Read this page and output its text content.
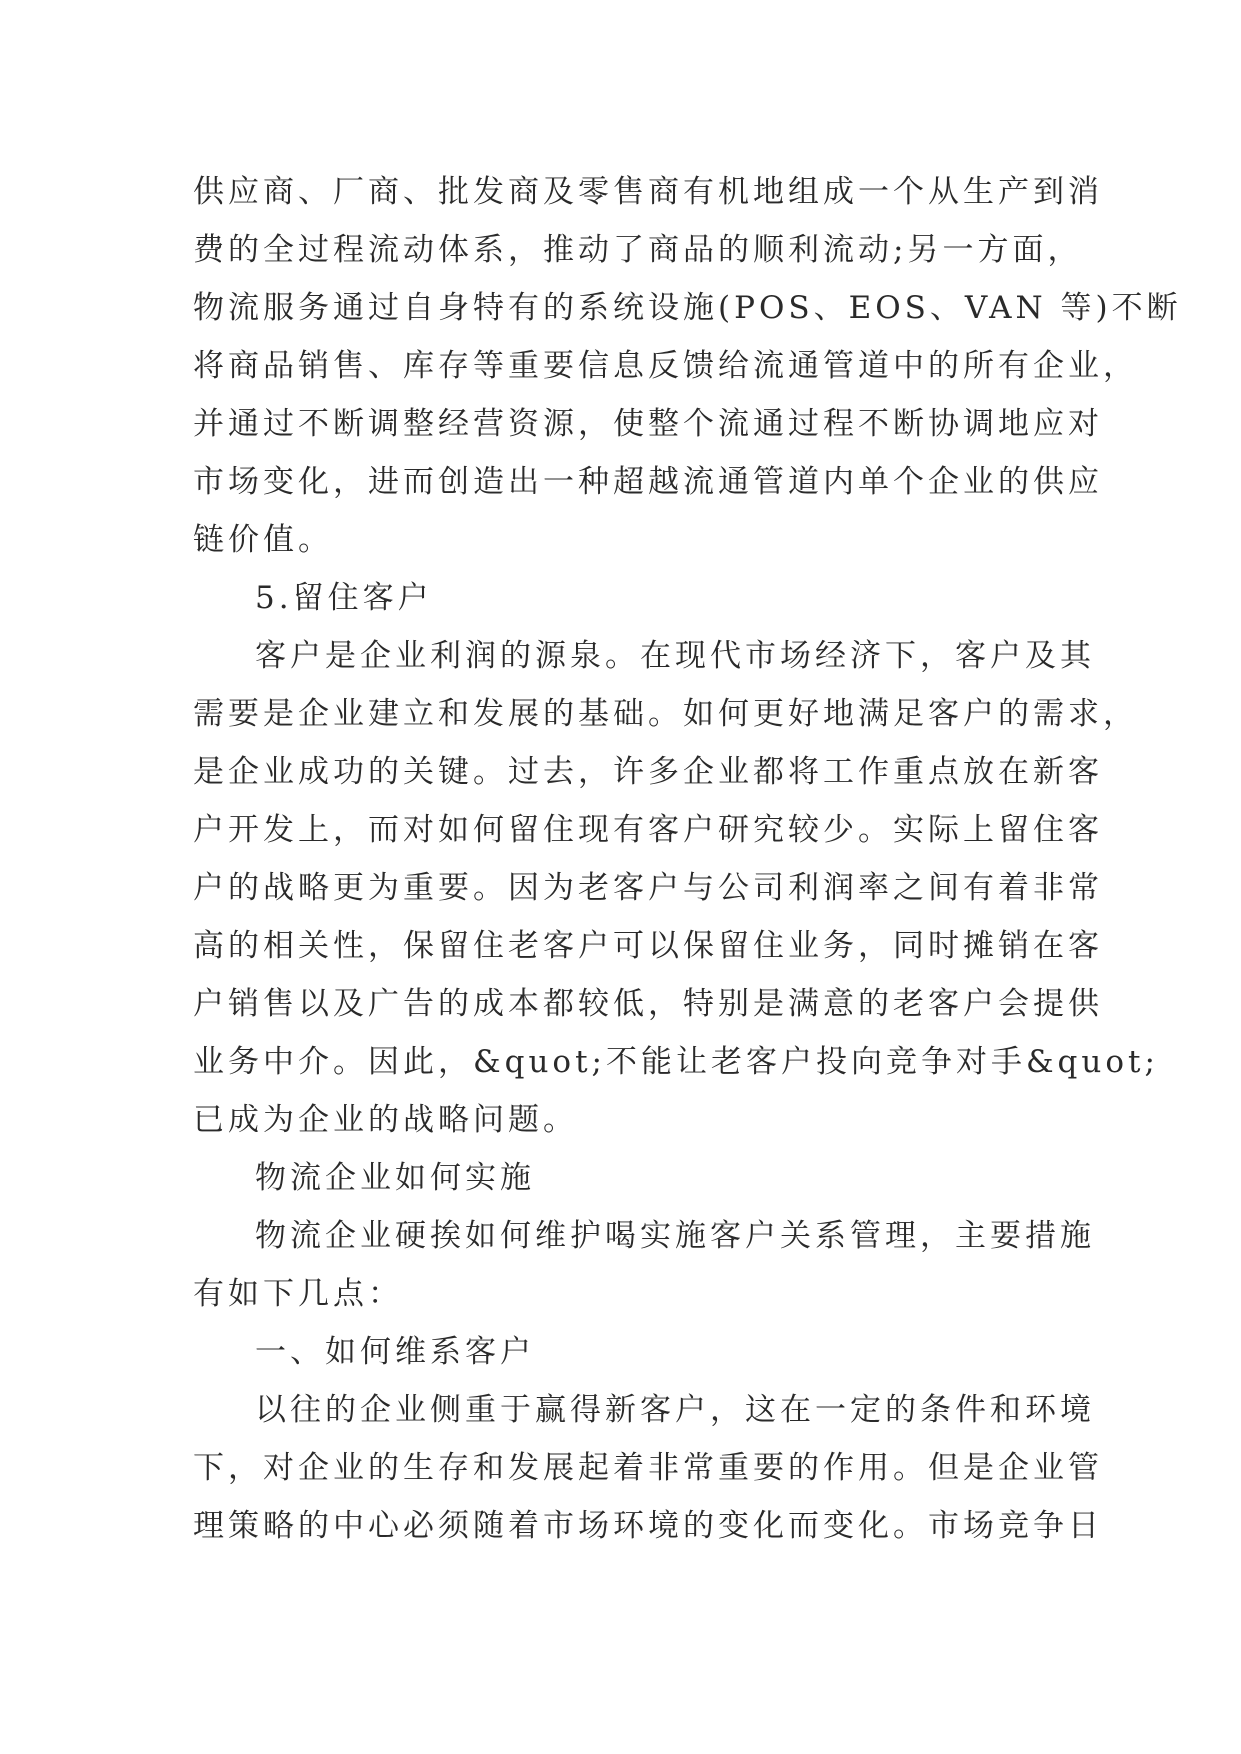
供应商、厂商、批发商及零售商有机地组成一个从生产到消
费的全过程流动体系，推动了商品的顺利流动;另一方面，
物流服务通过自身特有的系统设施(POS、EOS、VAN 等)不断
将商品销售、库存等重要信息反馈给流通管道中的所有企业，
并通过不断调整经营资源，使整个流通过程不断协调地应对
市场变化，进而创造出一种超越流通管道内单个企业的供应
链价值。
5.留住客户
客户是企业利润的源泉。在现代市场经济下，客户及其
需要是企业建立和发展的基础。如何更好地满足客户的需求，
是企业成功的关键。过去，许多企业都将工作重点放在新客
户开发上，而对如何留住现有客户研究较少。实际上留住客
户的战略更为重要。因为老客户与公司利润率之间有着非常
高的相关性，保留住老客户可以保留住业务，同时摊销在客
户销售以及广告的成本都较低，特别是满意的老客户会提供
业务中介。因此，&quot;不能让老客户投向竞争对手&quot;
已成为企业的战略问题。
物流企业如何实施
物流企业硬挨如何维护喝实施客户关系管理，主要措施
有如下几点：
一、如何维系客户
以往的企业侧重于赢得新客户，这在一定的条件和环境
下，对企业的生存和发展起着非常重要的作用。但是企业管
理策略的中心必须随着市场环境的变化而变化。市场竞争日
